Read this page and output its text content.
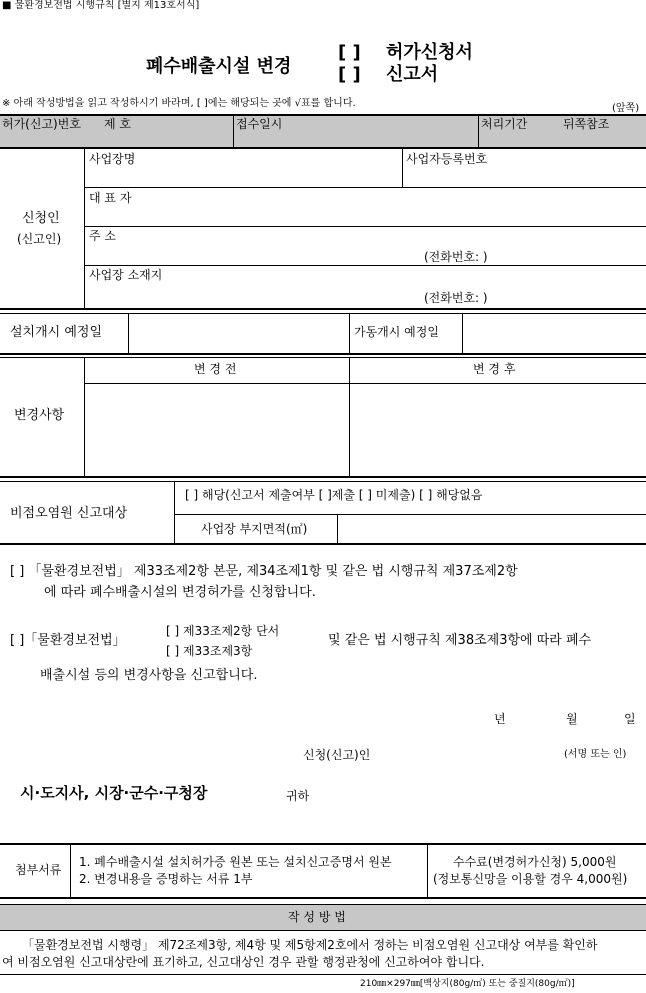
■ 물환경보전법 시행규칙 [별지 제13호서식]
폐수배출시설 변경
[ ] 허가신청서
[ ] 신고서
※ 아래 작성방법을 읽고 작성하시기 바라며, [ ]에는 해당되는 곳에 √표를 합니다.	(앞쪽)
허가(신고)번호 제 호	접수일시	처리기간	뒤쪽참조
신청인
(신고인)
사업장명	사업자등록번호
대 표 자
주 소
(전화번호: )
사업장 소재지
(전화번호: )
설치개시 예정일	가동개시 예정일
변경사항
변 경 전	변 경 후
비점오염원 신고대상
[ ] 해당(신고서 제출여부 [ ]제출 [ ] 미제출) [ ] 해당없음
사업장 부지면적(㎡)
[ ] 「물환경보전법」 제33조제2항 본문, 제34조제1항 및 같은 법 시행규칙 제37조제2항
에 따라 폐수배출시설의 변경허가를 신청합니다.
[ ]「물환경보전법」
[ ] 제33조제2항 단서
[ ] 제33조제3항
및 같은 법 시행규칙 제38조제3항에 따라 폐수
배출시설 등의 변경사항을 신고합니다.
년	월	일
신청(신고)인	(서명 또는 인)
시·도지사, 시장·군수·구청장	귀하
첨부서류
1. 폐수배출시설 설치허가증 원본 또는 설치신고증명서 원본
2. 변경내용을 증명하는 서류 1부
수수료(변경허가신청) 5,000원
(정보통신망을 이용할 경우 4,000원)
작 성 방 법
「물환경보전법 시행령」 제72조제3항, 제4항 및 제5항제2호에서 정하는 비점오염원 신고대상 여부를 확인하
여 비점오염원 신고대상란에 표기하고, 신고대상인 경우 관할 행정관청에 신고하여야 합니다.
210㎜×297㎜[백상지(80g/㎡) 또는 중질지(80g/㎡)]
